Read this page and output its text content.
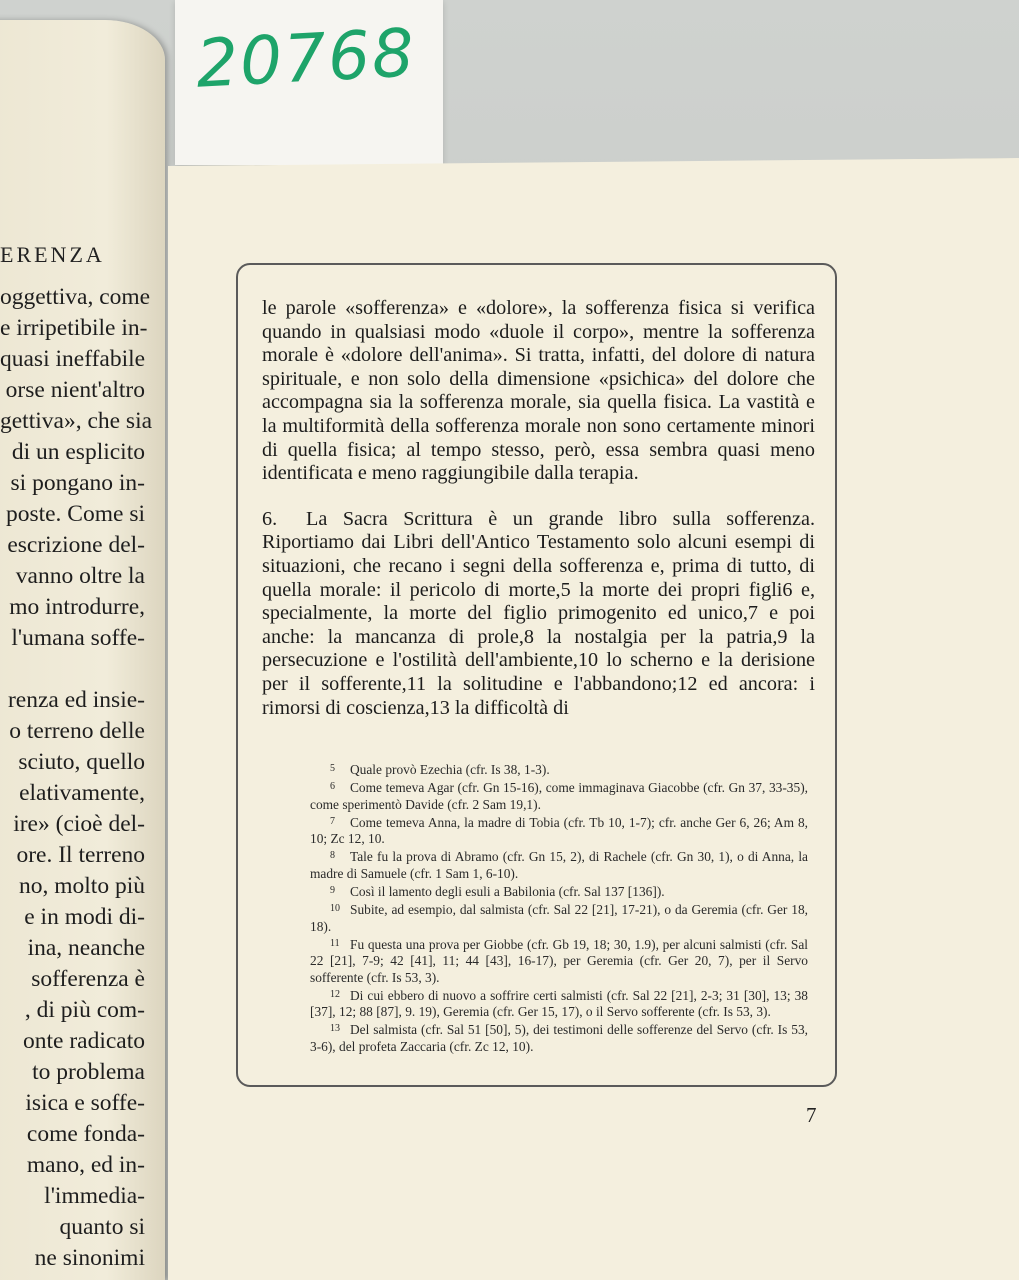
20768
ERENZA
oggettiva, come
e irripetibile in-
quasi ineffabile
orse nient'altro
gettiva», che sia
di un esplicito
si pongano in-
poste. Come si
escrizione del-
vanno oltre la
mo introdurre,
l'umana soffe-

renza ed insie-
o terreno delle
sciuto, quello
elativamente,
ire» (cioè del-
ore. Il terreno
no, molto più
e in modi di-
ina, neanche
sofferenza è
, di più com-
onte radicato
to problema
isica e soffe-
come fonda-
mano, ed in-
l'immedia-
quanto si
ne sinonimi

le parole «sofferenza» e «dolore», la sofferenza fisica si verifica quando in qualsiasi modo «duole il corpo», mentre la sofferenza morale è «dolore dell'anima». Si tratta, infatti, del dolore di natura spirituale, e non solo della dimensione «psichica» del dolore che accompagna sia la sofferenza morale, sia quella fisica. La vastità e la multiformità della sofferenza morale non sono certamente minori di quella fisica; al tempo stesso, però, essa sembra quasi meno identificata e meno raggiungibile dalla terapia.

6. La Sacra Scrittura è un grande libro sulla sofferenza. Riportiamo dai Libri dell'Antico Testamento solo alcuni esempi di situazioni, che recano i segni della sofferenza e, prima di tutto, di quella morale: il pericolo di morte,5 la morte dei propri figli6 e, specialmente, la morte del figlio primogenito ed unico,7 e poi anche: la mancanza di prole,8 la nostalgia per la patria,9 la persecuzione e l'ostilità dell'ambiente,10 lo scherno e la derisione per il sofferente,11 la solitudine e l'abbandono;12 ed ancora: i rimorsi di coscienza,13 la difficoltà di

5 Quale provò Ezechia (cfr. Is 38, 1-3).

6 Come temeva Agar (cfr. Gn 15-16), come immaginava Giacobbe (cfr. Gn 37, 33-35), come sperimentò Davide (cfr. 2 Sam 19,1).

7 Come temeva Anna, la madre di Tobia (cfr. Tb 10, 1-7); cfr. anche Ger 6, 26; Am 8, 10; Zc 12, 10.

8 Tale fu la prova di Abramo (cfr. Gn 15, 2), di Rachele (cfr. Gn 30, 1), o di Anna, la madre di Samuele (cfr. 1 Sam 1, 6-10).

9 Così il lamento degli esuli a Babilonia (cfr. Sal 137 [136]).

10 Subite, ad esempio, dal salmista (cfr. Sal 22 [21], 17-21), o da Geremia (cfr. Ger 18, 18).

11 Fu questa una prova per Giobbe (cfr. Gb 19, 18; 30, 1.9), per alcuni salmisti (cfr. Sal 22 [21], 7-9; 42 [41], 11; 44 [43], 16-17), per Geremia (cfr. Ger 20, 7), per il Servo sofferente (cfr. Is 53, 3).

12 Di cui ebbero di nuovo a soffrire certi salmisti (cfr. Sal 22 [21], 2-3; 31 [30], 13; 38 [37], 12; 88 [87], 9. 19), Geremia (cfr. Ger 15, 17), o il Servo sofferente (cfr. Is 53, 3).

13 Del salmista (cfr. Sal 51 [50], 5), dei testimoni delle sofferenze del Servo (cfr. Is 53, 3-6), del profeta Zaccaria (cfr. Zc 12, 10).

7
